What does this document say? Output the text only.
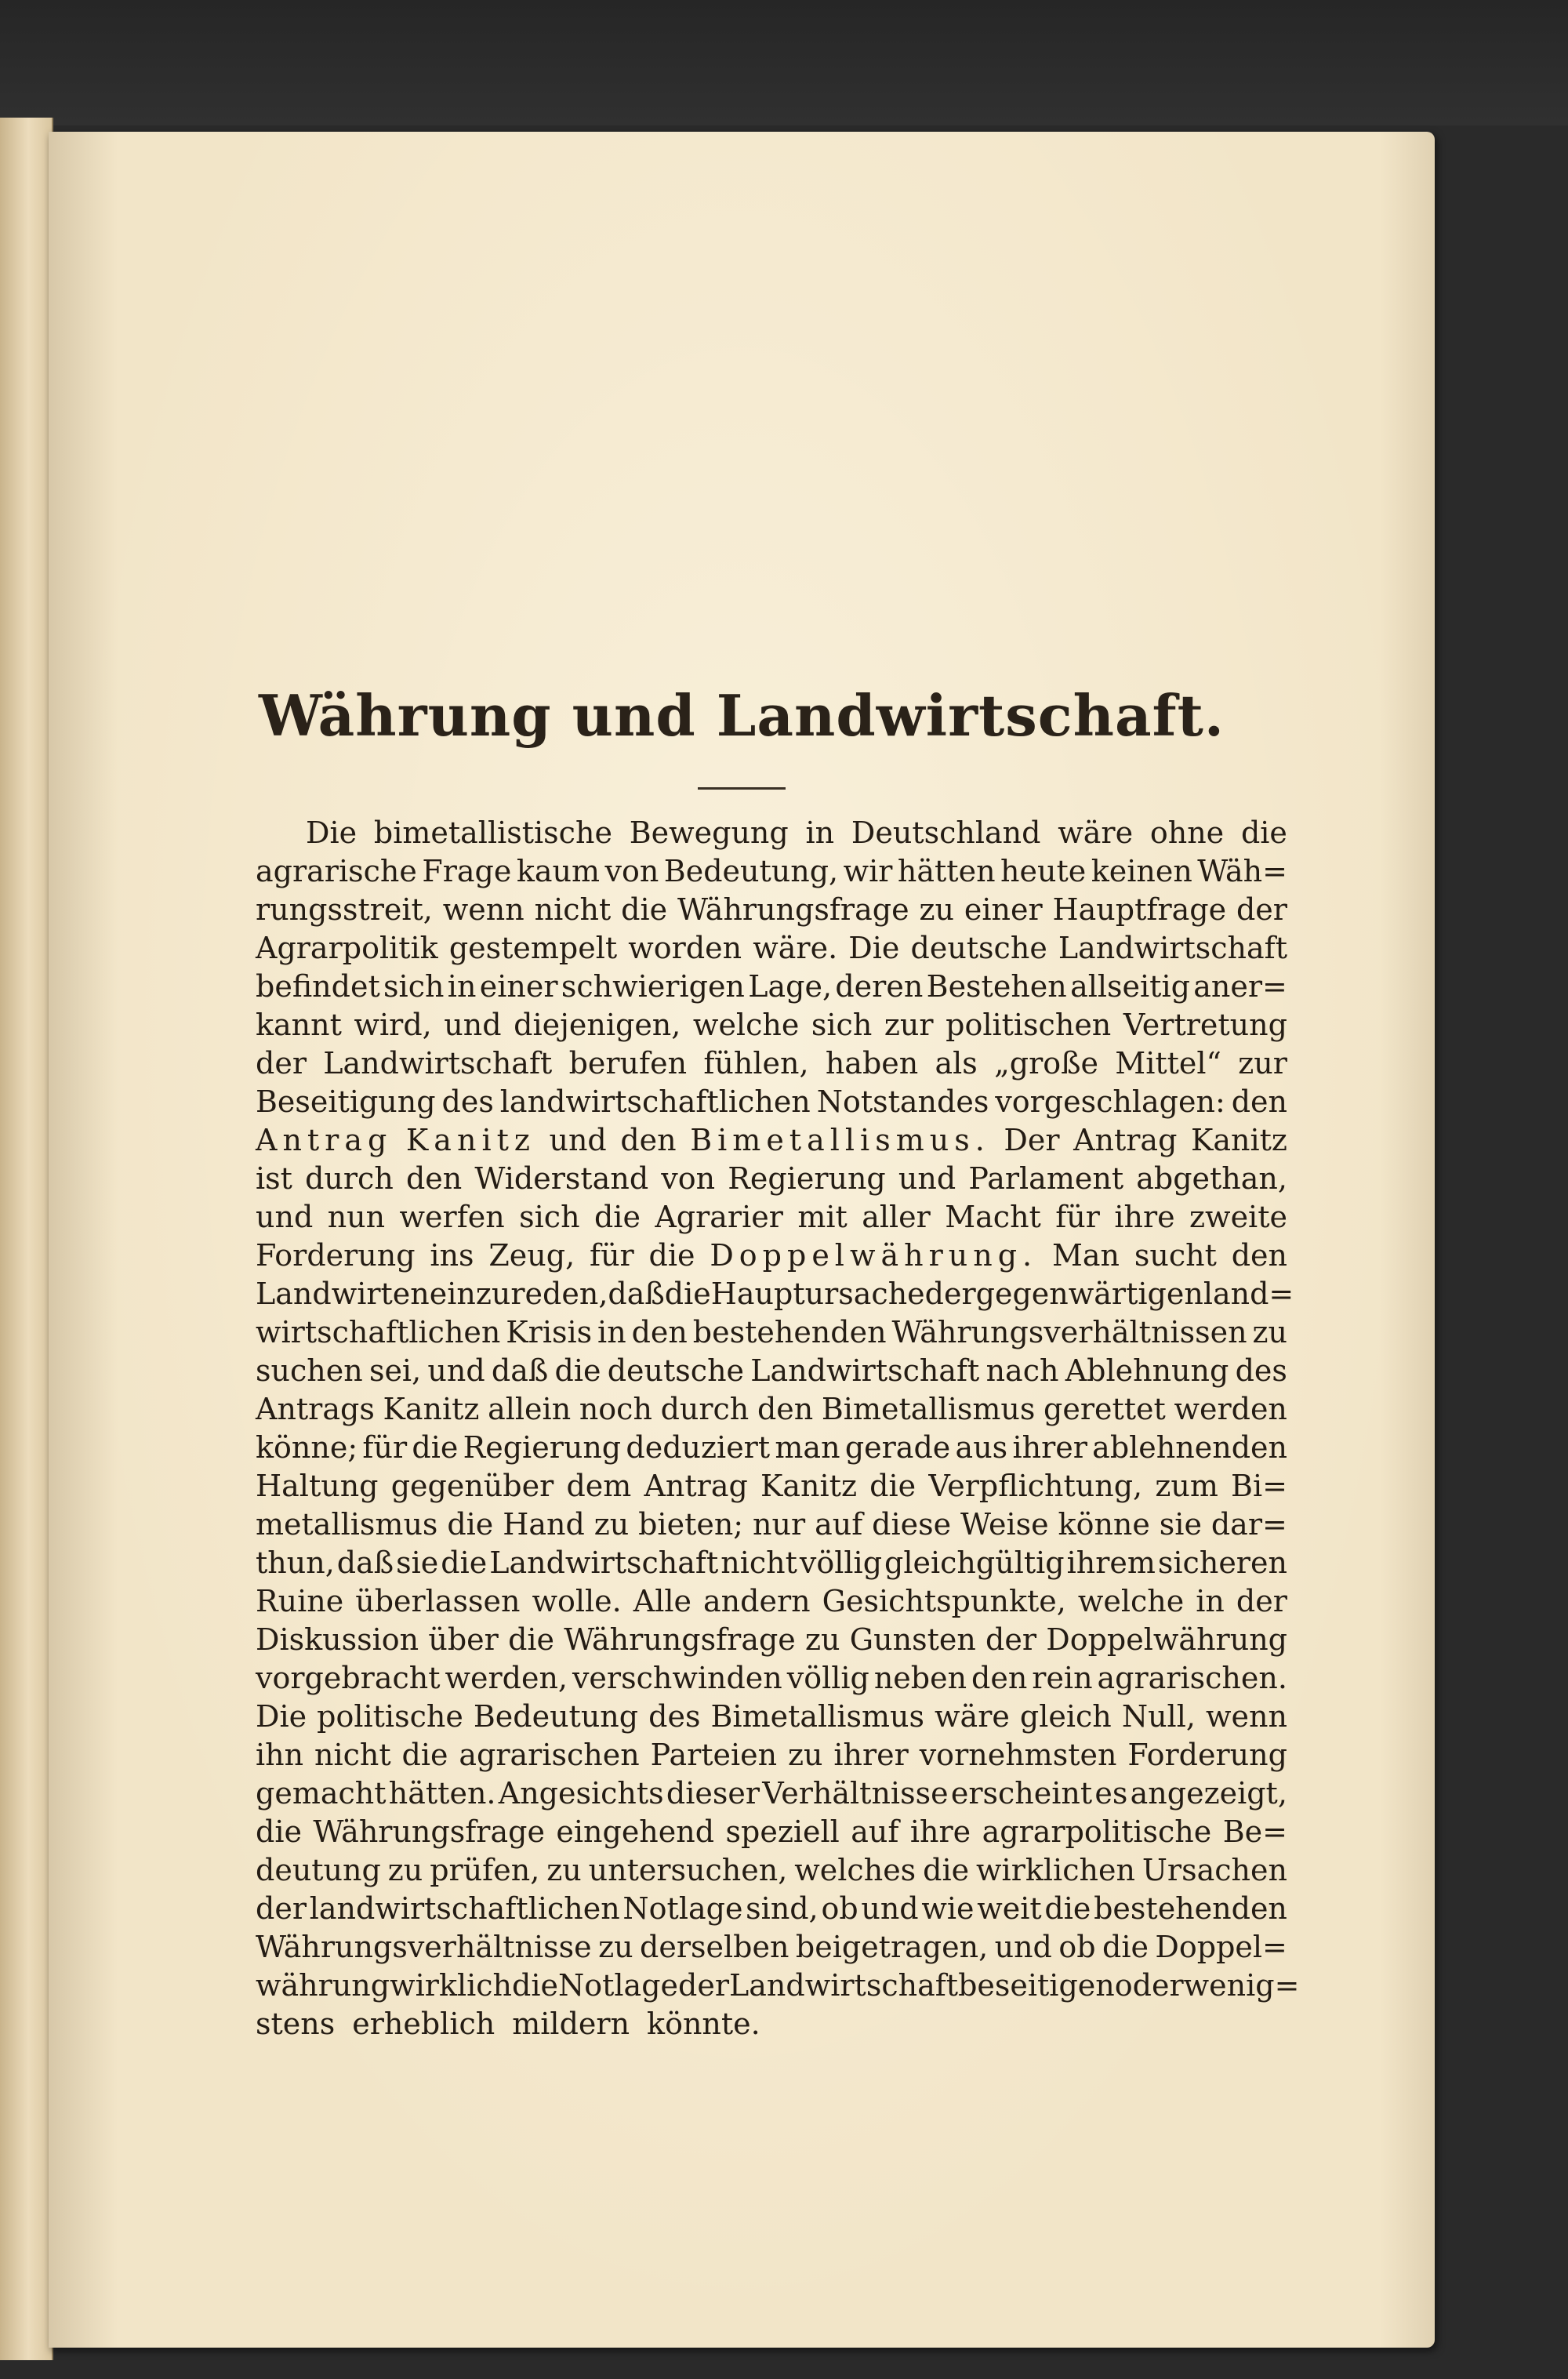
Währung und Landwirtschaft.
Die bimetallistische Bewegung in Deutschland wäre ohne die
agrarische Frage kaum von Bedeutung, wir hätten heute keinen Wäh=
rungsstreit, wenn nicht die Währungsfrage zu einer Hauptfrage der
Agrarpolitik gestempelt worden wäre. Die deutsche Landwirtschaft
befindet sich in einer schwierigen Lage, deren Bestehen allseitig aner=
kannt wird, und diejenigen, welche sich zur politischen Vertretung
der Landwirtschaft berufen fühlen, haben als „große Mittel“ zur
Beseitigung des landwirtschaftlichen Notstandes vorgeschlagen: den
Antrag Kanitz und den Bimetallismus. Der Antrag Kanitz
ist durch den Widerstand von Regierung und Parlament abgethan,
und nun werfen sich die Agrarier mit aller Macht für ihre zweite
Forderung ins Zeug, für die Doppelwährung. Man sucht den
Landwirten einzureden, daß die Hauptursache der gegenwärtigen land=
wirtschaftlichen Krisis in den bestehenden Währungsverhältnissen zu
suchen sei, und daß die deutsche Landwirtschaft nach Ablehnung des
Antrags Kanitz allein noch durch den Bimetallismus gerettet werden
könne; für die Regierung deduziert man gerade aus ihrer ablehnenden
Haltung gegenüber dem Antrag Kanitz die Verpflichtung, zum Bi=
metallismus die Hand zu bieten; nur auf diese Weise könne sie dar=
thun, daß sie die Landwirtschaft nicht völlig gleichgültig ihrem sicheren
Ruine überlassen wolle. Alle andern Gesichtspunkte, welche in der
Diskussion über die Währungsfrage zu Gunsten der Doppelwährung
vorgebracht werden, verschwinden völlig neben den rein agrarischen.
Die politische Bedeutung des Bimetallismus wäre gleich Null, wenn
ihn nicht die agrarischen Parteien zu ihrer vornehmsten Forderung
gemacht hätten. Angesichts dieser Verhältnisse erscheint es angezeigt,
die Währungsfrage eingehend speziell auf ihre agrarpolitische Be=
deutung zu prüfen, zu untersuchen, welches die wirklichen Ursachen
der landwirtschaftlichen Notlage sind, ob und wie weit die bestehenden
Währungsverhältnisse zu derselben beigetragen, und ob die Doppel=
währung wirklich die Notlage der Landwirtschaft beseitigen oder wenig=
stens erheblich mildern könnte.
